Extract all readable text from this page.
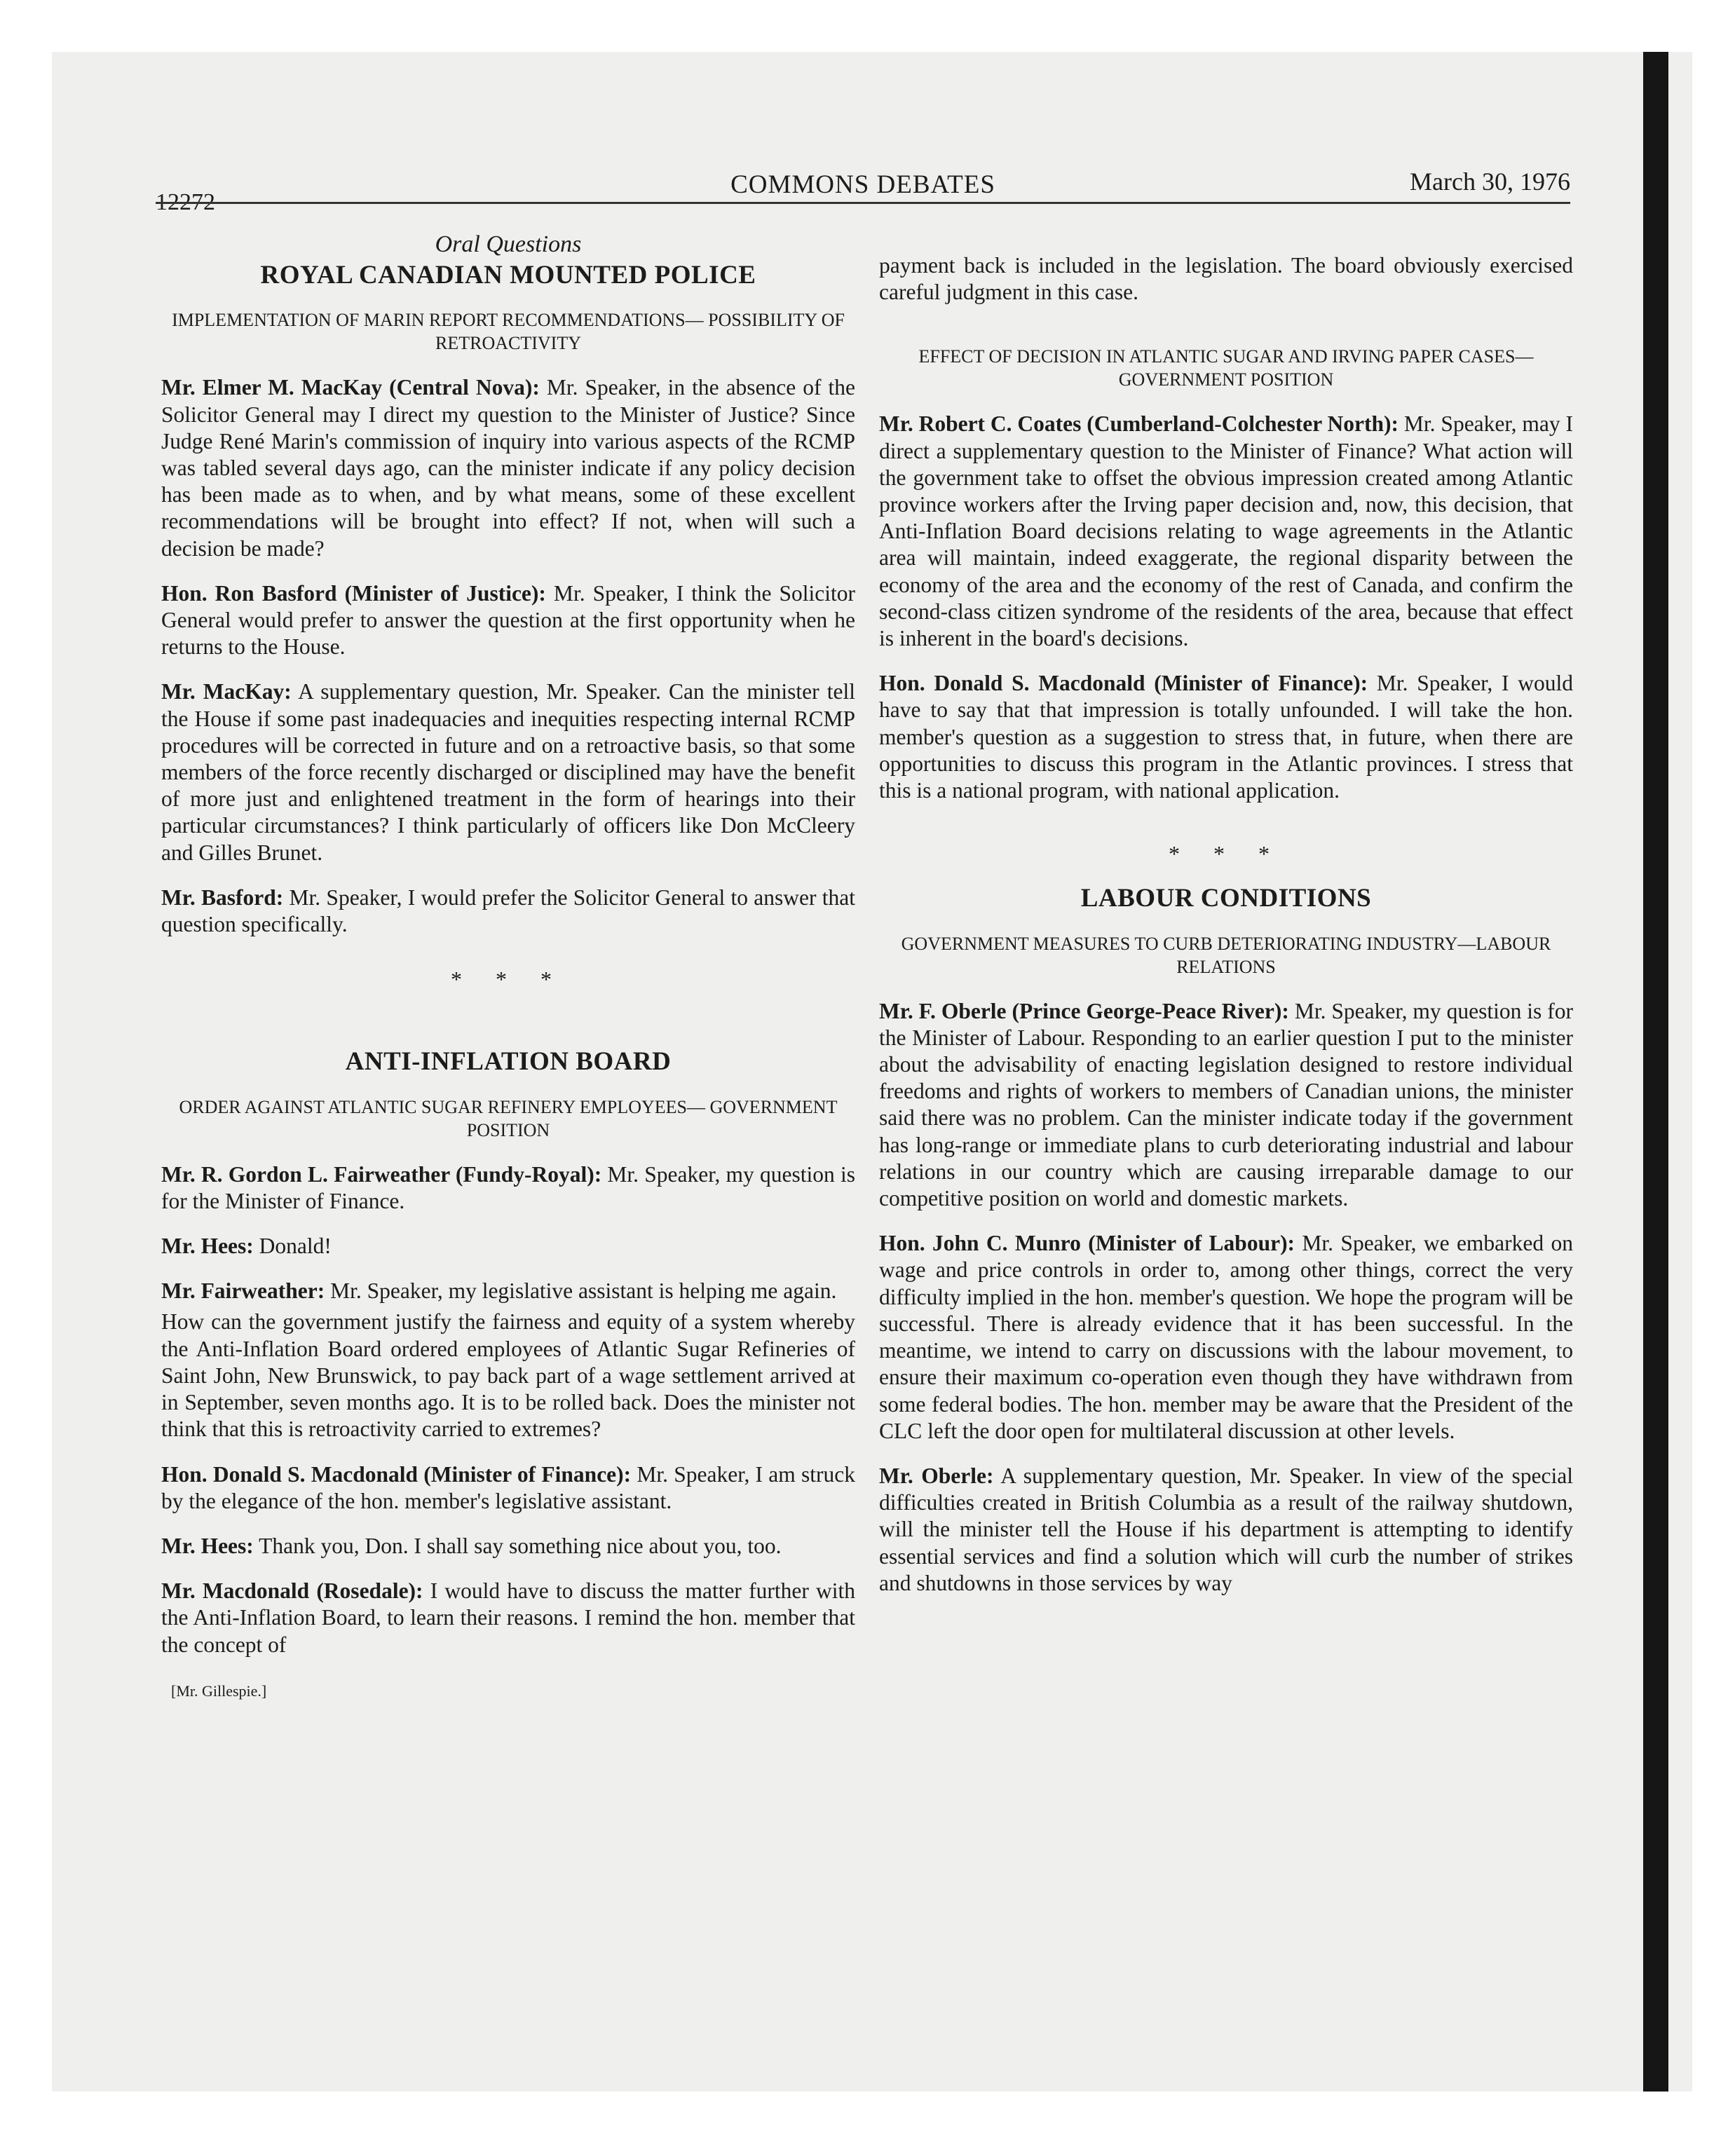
12272
COMMONS DEBATES	March 30, 1976
Oral Questions
ROYAL CANADIAN MOUNTED POLICE
IMPLEMENTATION OF MARIN REPORT RECOMMENDATIONS— POSSIBILITY OF RETROACTIVITY

Mr. Elmer M. MacKay (Central Nova): Mr. Speaker, in the absence of the Solicitor General may I direct my question to the Minister of Justice? Since Judge René Marin's commission of inquiry into various aspects of the RCMP was tabled several days ago, can the minister indicate if any policy decision has been made as to when, and by what means, some of these excellent recommendations will be brought into effect? If not, when will such a decision be made?

Hon. Ron Basford (Minister of Justice): Mr. Speaker, I think the Solicitor General would prefer to answer the question at the first opportunity when he returns to the House.

Mr. MacKay: A supplementary question, Mr. Speaker. Can the minister tell the House if some past inadequacies and inequities respecting internal RCMP procedures will be corrected in future and on a retroactive basis, so that some members of the force recently discharged or disciplined may have the benefit of more just and enlightened treatment in the form of hearings into their particular circumstances? I think particularly of officers like Don McCleery and Gilles Brunet.

Mr. Basford: Mr. Speaker, I would prefer the Solicitor General to answer that question specifically.

* * *
ANTI-INFLATION BOARD
ORDER AGAINST ATLANTIC SUGAR REFINERY EMPLOYEES— GOVERNMENT POSITION

Mr. R. Gordon L. Fairweather (Fundy-Royal): Mr. Speaker, my question is for the Minister of Finance.

Mr. Hees: Donald!

Mr. Fairweather: Mr. Speaker, my legislative assistant is helping me again.

How can the government justify the fairness and equity of a system whereby the Anti-Inflation Board ordered employees of Atlantic Sugar Refineries of Saint John, New Brunswick, to pay back part of a wage settlement arrived at in September, seven months ago. It is to be rolled back. Does the minister not think that this is retroactivity carried to extremes?

Hon. Donald S. Macdonald (Minister of Finance): Mr. Speaker, I am struck by the elegance of the hon. member's legislative assistant.

Mr. Hees: Thank you, Don. I shall say something nice about you, too.

Mr. Macdonald (Rosedale): I would have to discuss the matter further with the Anti-Inflation Board, to learn their reasons. I remind the hon. member that the concept of

[Mr. Gillespie.]

payment back is included in the legislation. The board obviously exercised careful judgment in this case.

EFFECT OF DECISION IN ATLANTIC SUGAR AND IRVING PAPER CASES—GOVERNMENT POSITION

Mr. Robert C. Coates (Cumberland-Colchester North): Mr. Speaker, may I direct a supplementary question to the Minister of Finance? What action will the government take to offset the obvious impression created among Atlantic province workers after the Irving paper decision and, now, this decision, that Anti-Inflation Board decisions relating to wage agreements in the Atlantic area will maintain, indeed exaggerate, the regional disparity between the economy of the area and the economy of the rest of Canada, and confirm the second-class citizen syndrome of the residents of the area, because that effect is inherent in the board's decisions.

Hon. Donald S. Macdonald (Minister of Finance): Mr. Speaker, I would have to say that that impression is totally unfounded. I will take the hon. member's question as a suggestion to stress that, in future, when there are opportunities to discuss this program in the Atlantic provinces. I stress that this is a national program, with national application.

* * *
LABOUR CONDITIONS
GOVERNMENT MEASURES TO CURB DETERIORATING INDUSTRY—LABOUR RELATIONS

Mr. F. Oberle (Prince George-Peace River): Mr. Speaker, my question is for the Minister of Labour. Responding to an earlier question I put to the minister about the advisability of enacting legislation designed to restore individual freedoms and rights of workers to members of Canadian unions, the minister said there was no problem. Can the minister indicate today if the government has long-range or immediate plans to curb deteriorating industrial and labour relations in our country which are causing irreparable damage to our competitive position on world and domestic markets.

Hon. John C. Munro (Minister of Labour): Mr. Speaker, we embarked on wage and price controls in order to, among other things, correct the very difficulty implied in the hon. member's question. We hope the program will be successful. There is already evidence that it has been successful. In the meantime, we intend to carry on discussions with the labour movement, to ensure their maximum co-operation even though they have withdrawn from some federal bodies. The hon. member may be aware that the President of the CLC left the door open for multilateral discussion at other levels.

Mr. Oberle: A supplementary question, Mr. Speaker. In view of the special difficulties created in British Columbia as a result of the railway shutdown, will the minister tell the House if his department is attempting to identify essential services and find a solution which will curb the number of strikes and shutdowns in those services by way
